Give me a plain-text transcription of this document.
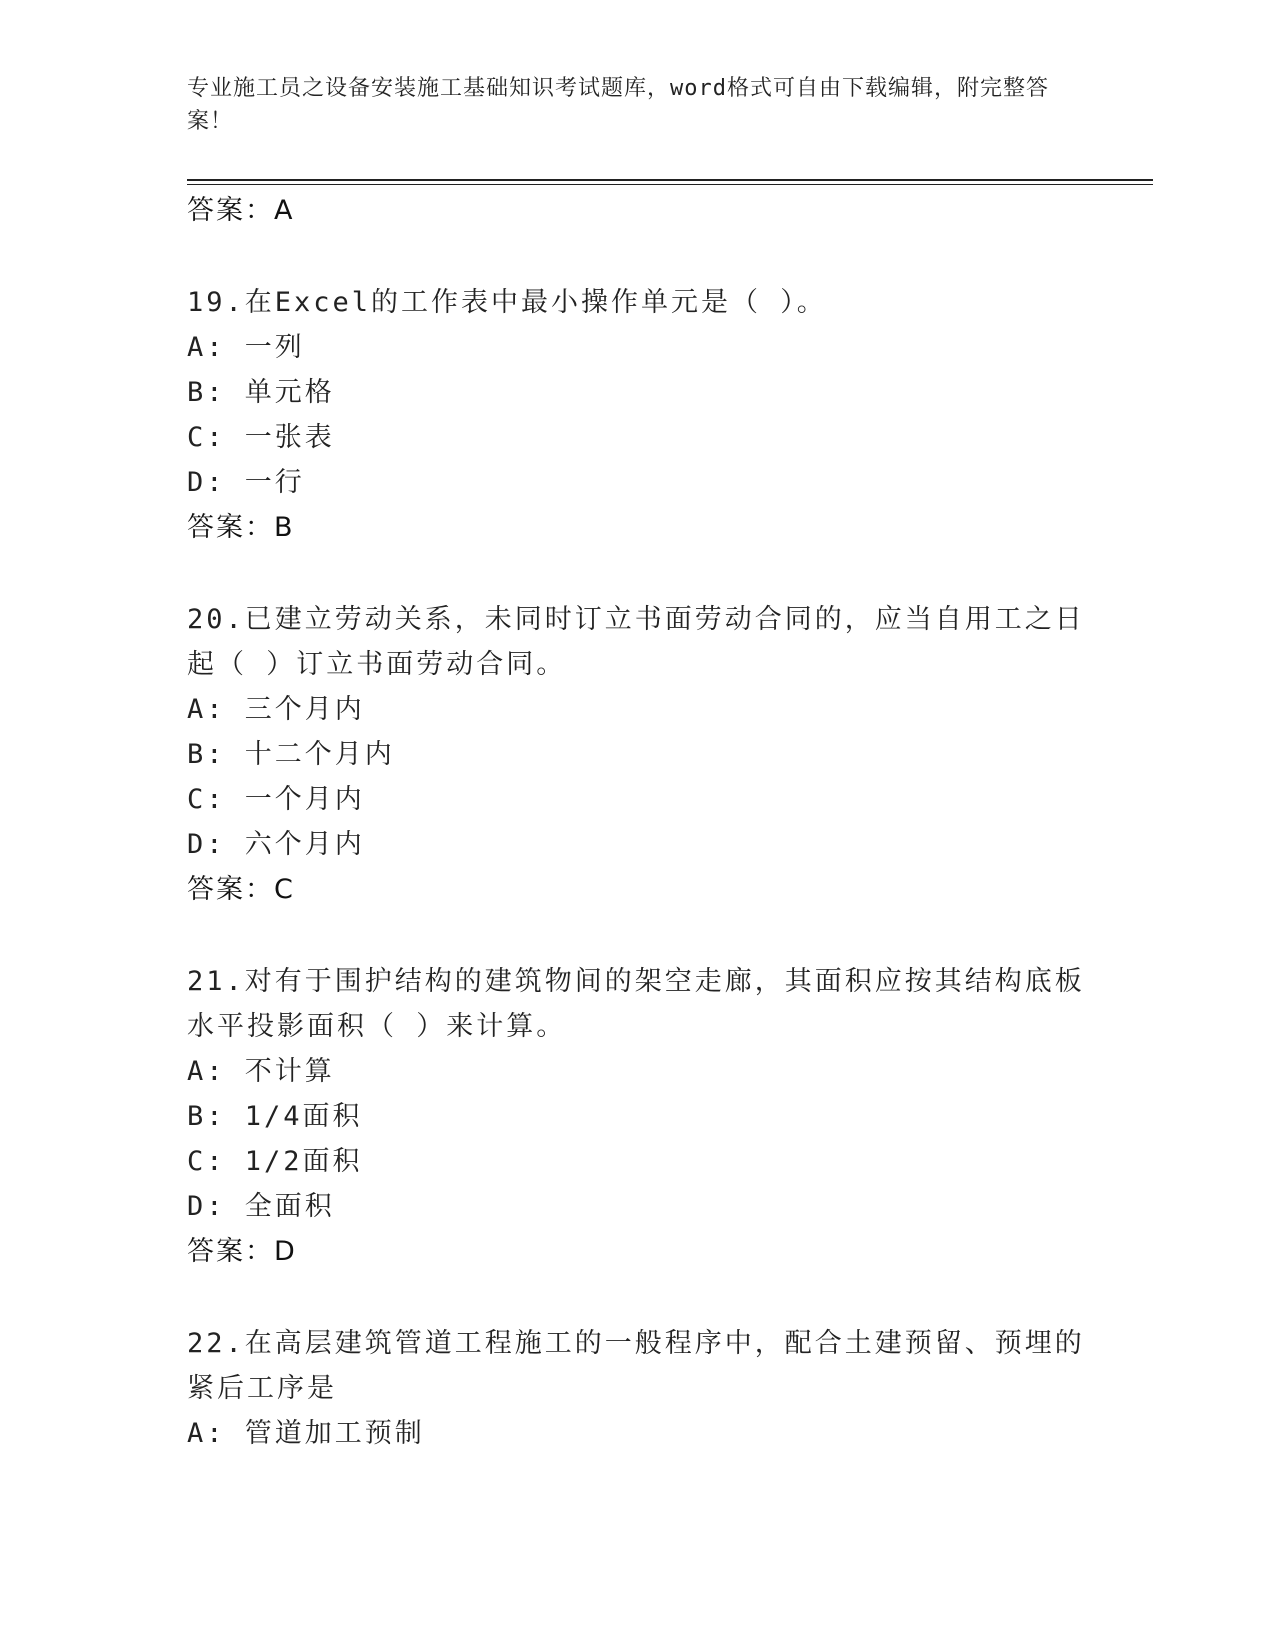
专业施工员之设备安装施工基础知识考试题库，word格式可自由下载编辑，附完整答案！
答案：A
19.在Excel的工作表中最小操作单元是（ ）。
A: 一列
B: 单元格
C: 一张表
D: 一行
答案：B
20.已建立劳动关系，未同时订立书面劳动合同的，应当自用工之日起（ ）订立书面劳动合同。
A: 三个月内
B: 十二个月内
C: 一个月内
D: 六个月内
答案：C
21.对有于围护结构的建筑物间的架空走廊，其面积应按其结构底板水平投影面积（ ）来计算。
A: 不计算
B: 1/4面积
C: 1/2面积
D: 全面积
答案：D
22.在高层建筑管道工程施工的一般程序中，配合土建预留、预埋的紧后工序是
A: 管道加工预制
